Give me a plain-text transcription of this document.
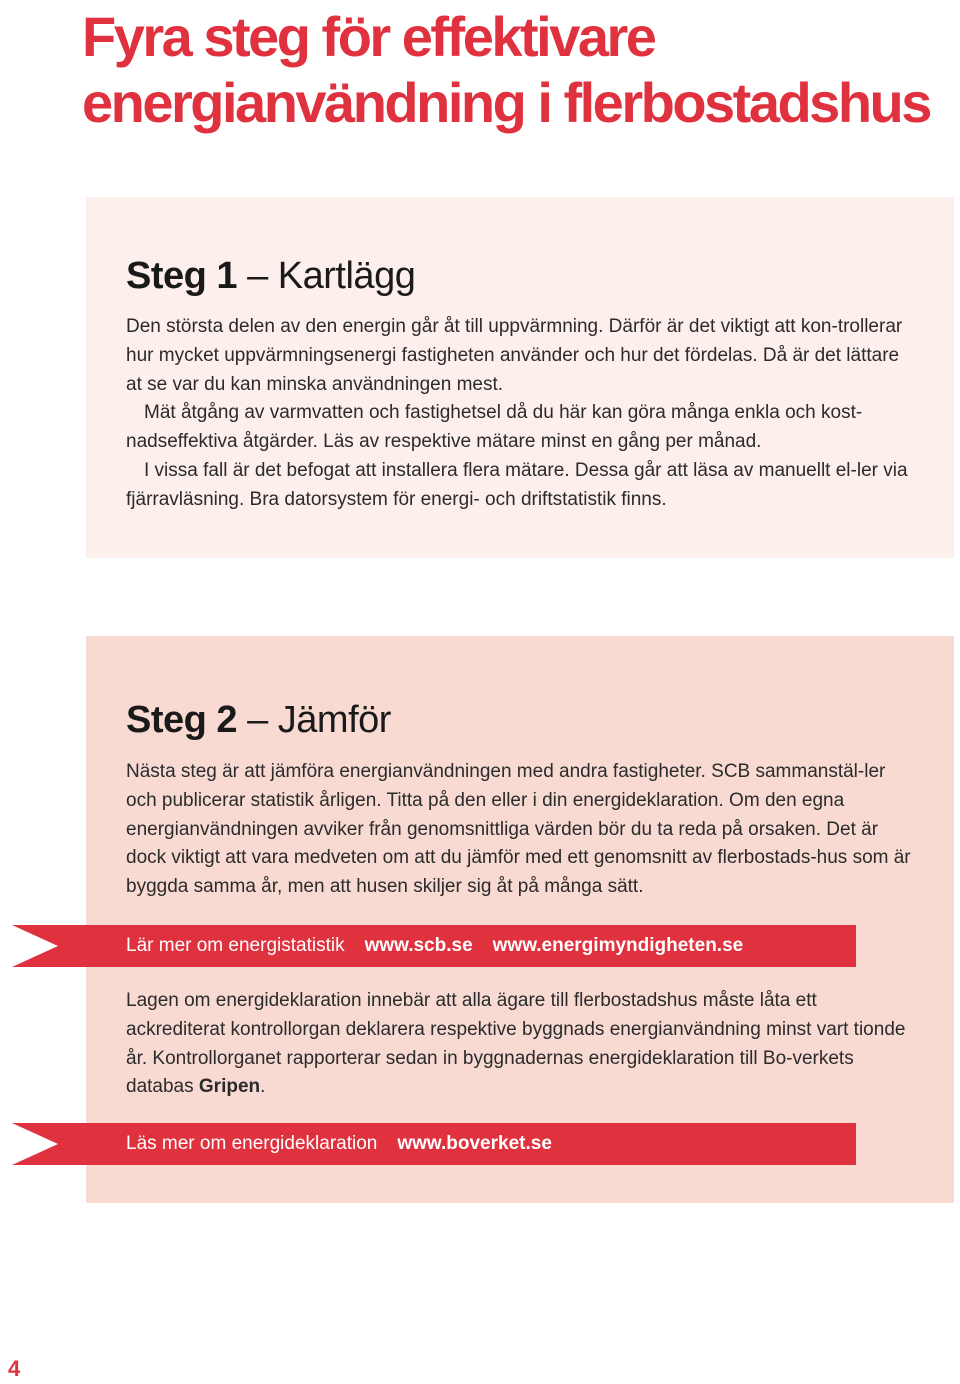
Fyra steg för effektivare
energianvändning i flerbostadshus
Steg 1 – Kartlägg

Den största delen av den energin går åt till uppvärmning. Därför är det viktigt att kon-trollerar hur mycket uppvärmningsenergi fastigheten använder och hur det fördelas. Då är det lättare at se var du kan minska användningen mest.

Mät åtgång av varmvatten och fastighetsel då du här kan göra många enkla och kost-nadseffektiva åtgärder. Läs av respektive mätare minst en gång per månad.

I vissa fall är det befogat att installera flera mätare. Dessa går att läsa av manuellt el-ler via fjärravläsning. Bra datorsystem för energi- och driftstatistik finns.

Steg 2 – Jämför

Nästa steg är att jämföra energianvändningen med andra fastigheter. SCB sammanstäl-ler och publicerar statistik årligen. Titta på den eller i din energideklaration. Om den egna energianvändningen avviker från genomsnittliga värden bör du ta reda på orsaken. Det är dock viktigt att vara medveten om att du jämför med ett genomsnitt av flerbostads-hus som är byggda samma år, men att husen skiljer sig åt på många sätt.

Lagen om energideklaration innebär att alla ägare till flerbostadshus måste låta ett ackrediterat kontrollorgan deklarera respektive byggnads energianvändning minst vart tionde år. Kontrollorganet rapporterar sedan in byggnadernas energideklaration till Bo-verkets databas Gripen.

Lär mer om energistatistik www.scb.se www.energimyndigheten.se
Läs mer om energideklaration www.boverket.se
4
